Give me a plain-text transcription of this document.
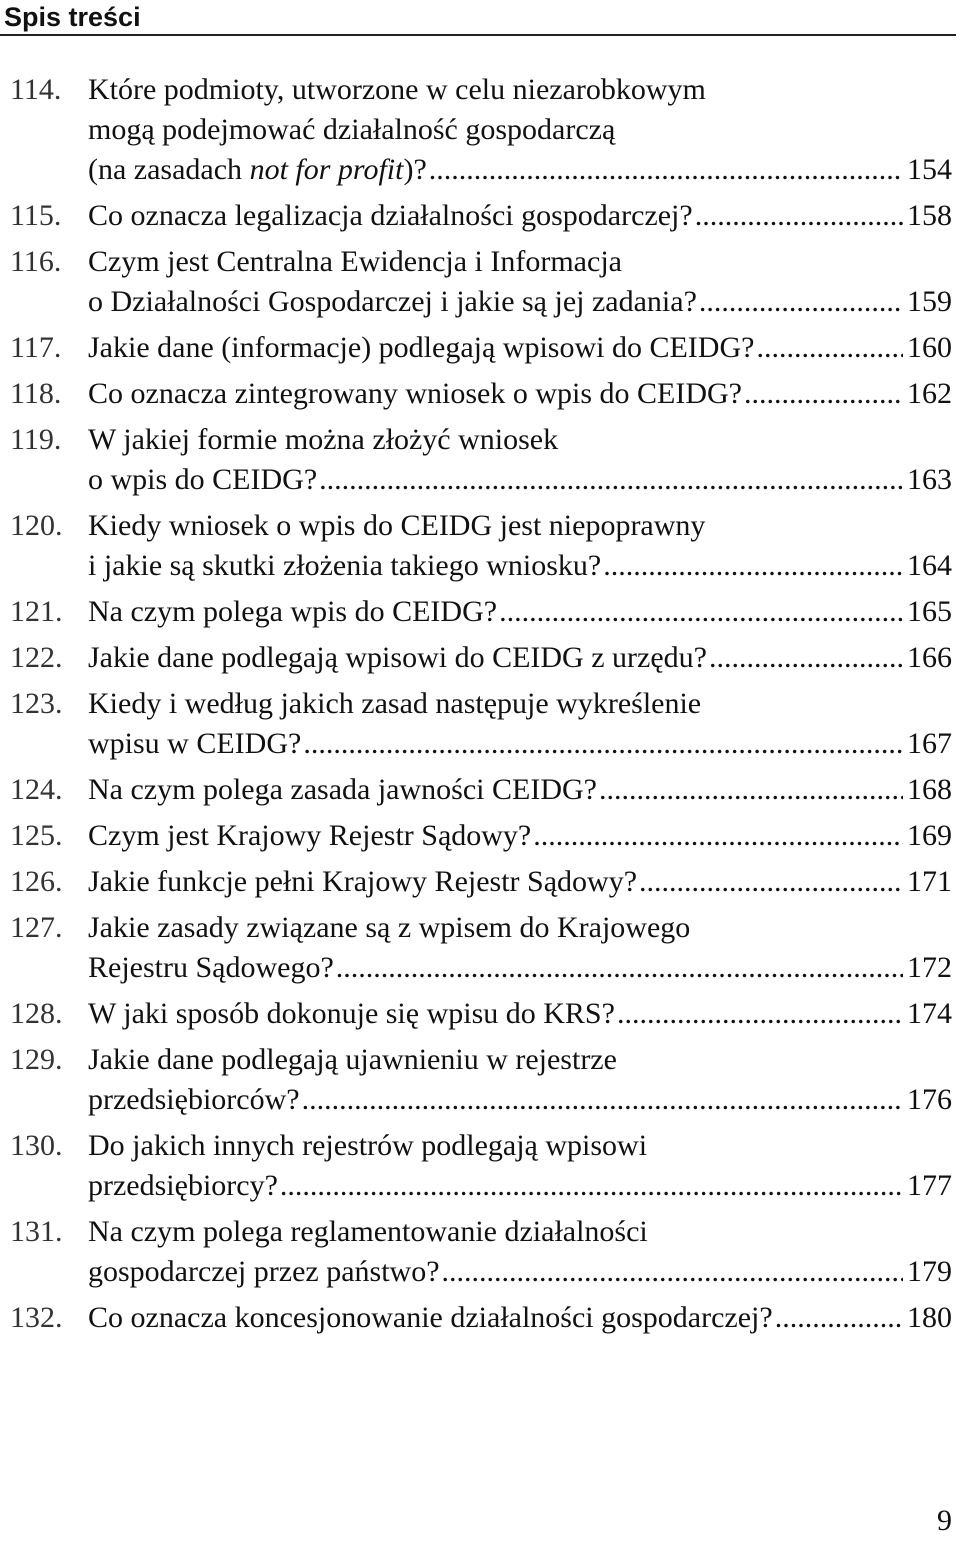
Spis treści
114. Które podmioty, utworzone w celu niezarobkowym
mogą podejmować działalność gospodarczą
(na zasadach not for profit)? .....	154
115. Co oznacza legalizacja działalności gospodarczej? .....	158
116. Czym jest Centralna Ewidencja i Informacja
o Działalności Gospodarczej i jakie są jej zadania? .....	159
117. Jakie dane (informacje) podlegają wpisowi do CEIDG? .....	160
118. Co oznacza zintegrowany wniosek o wpis do CEIDG? .....	162
119. W jakiej formie można złożyć wniosek
o wpis do CEIDG? .....	163
120. Kiedy wniosek o wpis do CEIDG jest niepoprawny
i jakie są skutki złożenia takiego wniosku? .....	164
121. Na czym polega wpis do CEIDG? .....	165
122. Jakie dane podlegają wpisowi do CEIDG z urzędu? .....	166
123. Kiedy i według jakich zasad następuje wykreślenie
wpisu w CEIDG? .....	167
124. Na czym polega zasada jawności CEIDG? .....	168
125. Czym jest Krajowy Rejestr Sądowy? .....	169
126. Jakie funkcje pełni Krajowy Rejestr Sądowy? .....	171
127. Jakie zasady związane są z wpisem do Krajowego
Rejestru Sądowego? .....	172
128. W jaki sposób dokonuje się wpisu do KRS? .....	174
129. Jakie dane podlegają ujawnieniu w rejestrze
przedsiębiorców? .....	176
130. Do jakich innych rejestrów podlegają wpisowi
przedsiębiorcy? .....	177
131. Na czym polega reglamentowanie działalności
gospodarczej przez państwo? .....	179
132. Co oznacza koncesjonowanie działalności gospodarczej? .....	180
9
